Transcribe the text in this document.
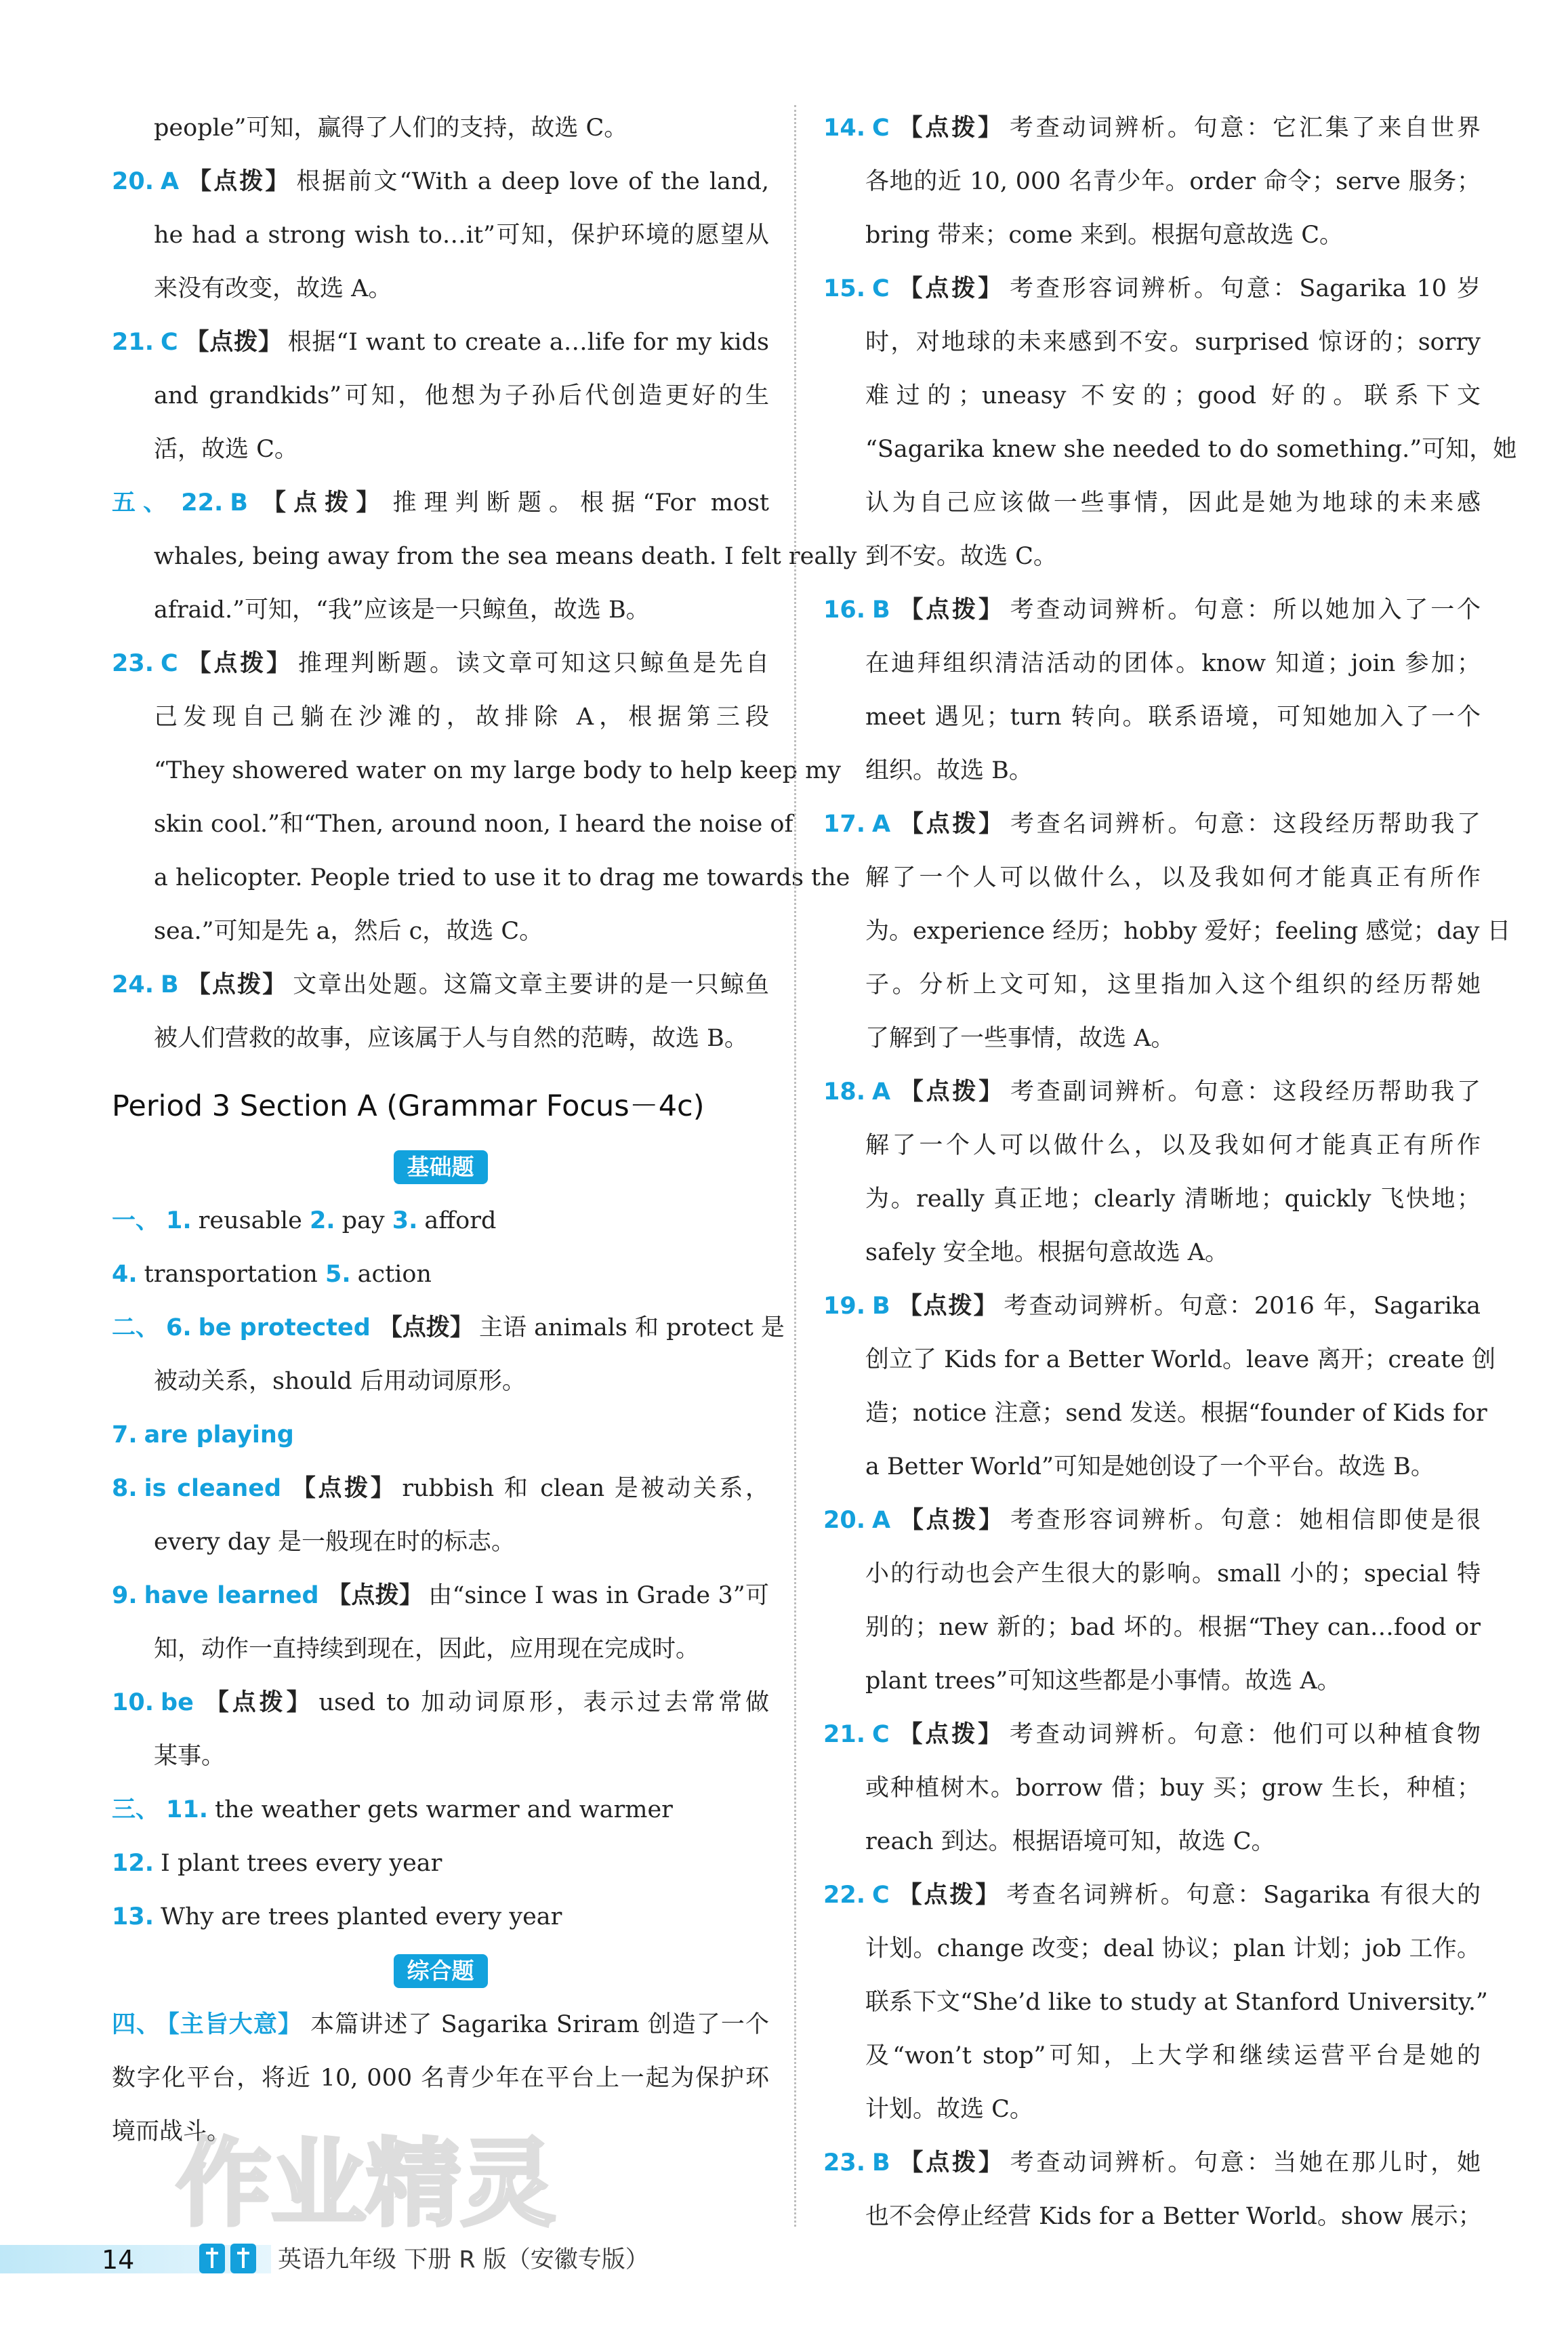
people”可知，赢得了人们的支持，故选 C。
20. A 【点拨】 根据前文“With a deep love of the land,
he had a strong wish to…it”可知，保护环境的愿望从
来没有改变，故选 A。
21. C 【点拨】 根据“I want to create a…life for my kids
and grandkids”可知，他想为子孙后代创造更好的生
活，故选 C。
五、 22. B 【点拨】 推理判断题。根据“For most
whales, being away from the sea means death. I felt really
afraid.”可知，“我”应该是一只鲸鱼，故选 B。
23. C 【点拨】 推理判断题。读文章可知这只鲸鱼是先自
己发现自己躺在沙滩的，故排除 A，根据第三段
“They showered water on my large body to help keep my
skin cool.”和“Then, around noon, I heard the noise of
a helicopter. People tried to use it to drag me towards the
sea.”可知是先 a，然后 c，故选 C。
24. B 【点拨】 文章出处题。这篇文章主要讲的是一只鲸鱼
被人们营救的故事，应该属于人与自然的范畴，故选 B。
Period 3 Section A (Grammar Focus－4c)
基础题
一、 1. reusable 2. pay 3. afford
4. transportation 5. action
二、 6. be protected 【点拨】 主语 animals 和 protect 是
被动关系，should 后用动词原形。
7. are playing
8. is cleaned 【点拨】 rubbish 和 clean 是被动关系，
every day 是一般现在时的标志。
9. have learned 【点拨】 由“since I was in Grade 3”可
知，动作一直持续到现在，因此，应用现在完成时。
10. be 【点拨】 used to 加动词原形，表示过去常常做
某事。
三、 11. the weather gets warmer and warmer
12. I plant trees every year
13. Why are trees planted every year
综合题
四、 【主旨大意】 本篇讲述了 Sagarika Sriram 创造了一个
数字化平台，将近 10, 000 名青少年在平台上一起为保护环
境而战斗。
14. C 【点拨】 考查动词辨析。句意：它汇集了来自世界
各地的近 10, 000 名青少年。order 命令；serve 服务；
bring 带来；come 来到。根据句意故选 C。
15. C 【点拨】 考查形容词辨析。句意：Sagarika 10 岁
时，对地球的未来感到不安。surprised 惊讶的；sorry
难过的；uneasy 不安的；good 好的。联系下文
“Sagarika knew she needed to do something.”可知，她
认为自己应该做一些事情，因此是她为地球的未来感
到不安。故选 C。
16. B 【点拨】 考查动词辨析。句意：所以她加入了一个
在迪拜组织清洁活动的团体。know 知道；join 参加；
meet 遇见；turn 转向。联系语境，可知她加入了一个
组织。故选 B。
17. A 【点拨】 考查名词辨析。句意：这段经历帮助我了
解了一个人可以做什么，以及我如何才能真正有所作
为。experience 经历；hobby 爱好；feeling 感觉；day 日
子。分析上文可知，这里指加入这个组织的经历帮她
了解到了一些事情，故选 A。
18. A 【点拨】 考查副词辨析。句意：这段经历帮助我了
解了一个人可以做什么，以及我如何才能真正有所作
为。really 真正地；clearly 清晰地；quickly 飞快地；
safely 安全地。根据句意故选 A。
19. B 【点拨】 考查动词辨析。句意：2016 年，Sagarika
创立了 Kids for a Better World。leave 离开；create 创
造；notice 注意；send 发送。根据“founder of Kids for
a Better World”可知是她创设了一个平台。故选 B。
20. A 【点拨】 考查形容词辨析。句意：她相信即使是很
小的行动也会产生很大的影响。small 小的；special 特
别的；new 新的；bad 坏的。根据“They can…food or
plant trees”可知这些都是小事情。故选 A。
21. C 【点拨】 考查动词辨析。句意：他们可以种植食物
或种植树木。borrow 借；buy 买；grow 生长，种植；
reach 到达。根据语境可知，故选 C。
22. C 【点拨】 考查名词辨析。句意：Sagarika 有很大的
计划。change 改变；deal 协议；plan 计划；job 工作。
联系下文“She’d like to study at Stanford University.”
及“won’t stop”可知，上大学和继续运营平台是她的
计划。故选 C。
23. B 【点拨】 考查动词辨析。句意：当她在那儿时，她
也不会停止经营 Kids for a Better World。show 展示；
作业精灵
14	英语九年级 下册 R 版（安徽专版）
